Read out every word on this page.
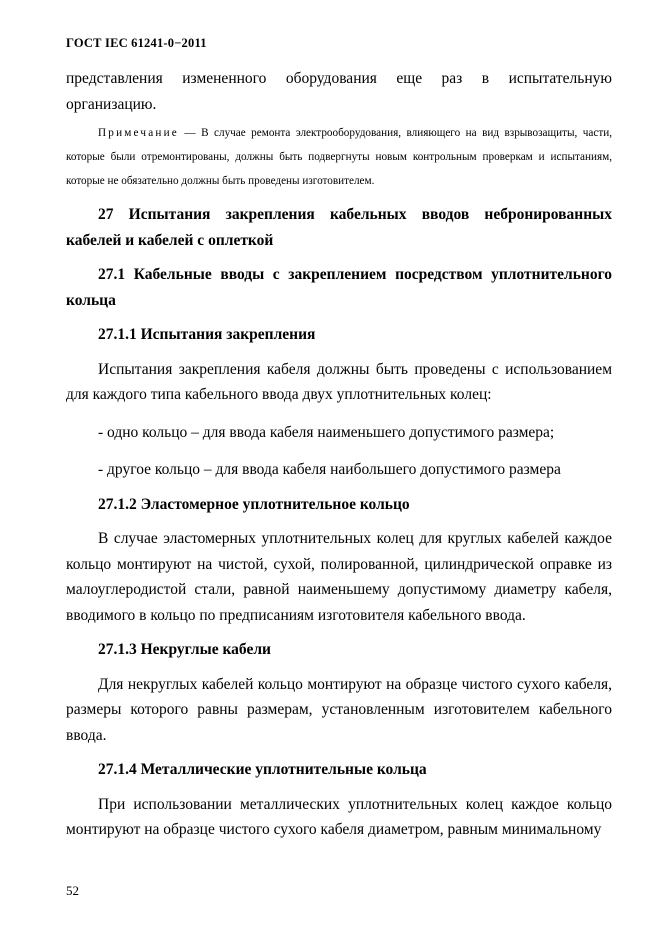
ГОСТ IEC 61241-0−2011

представления измененного оборудования еще раз в испытательную организацию.

Примечание — В случае ремонта электрооборудования, влияющего на вид взрывозащиты, части, которые были отремонтированы, должны быть подвергнуты новым контрольным проверкам и испытаниям, которые не обязательно должны быть проведены изготовителем.

27 Испытания закрепления кабельных вводов небронированных кабелей и кабелей с оплеткой

27.1 Кабельные вводы с закреплением посредством уплотнительного кольца

27.1.1 Испытания закрепления

Испытания закрепления кабеля должны быть проведены с использованием для каждого типа кабельного ввода двух уплотнительных колец:

- одно кольцо – для ввода кабеля наименьшего допустимого размера;

- другое кольцо – для ввода кабеля наибольшего допустимого размера

27.1.2 Эластомерное уплотнительное кольцо

В случае эластомерных уплотнительных колец для круглых кабелей каждое кольцо монтируют на чистой, сухой, полированной, цилиндрической оправке из малоуглеродистой стали, равной наименьшему допустимому диаметру кабеля, вводимого в кольцо по предписаниям изготовителя кабельного ввода.

27.1.3 Некруглые кабели

Для некруглых кабелей кольцо монтируют на образце чистого сухого кабеля, размеры которого равны размерам, установленным изготовителем кабельного ввода.

27.1.4 Металлические уплотнительные кольца

При использовании металлических уплотнительных колец каждое кольцо монтируют на образце чистого сухого кабеля диаметром, равным минимальному

52
